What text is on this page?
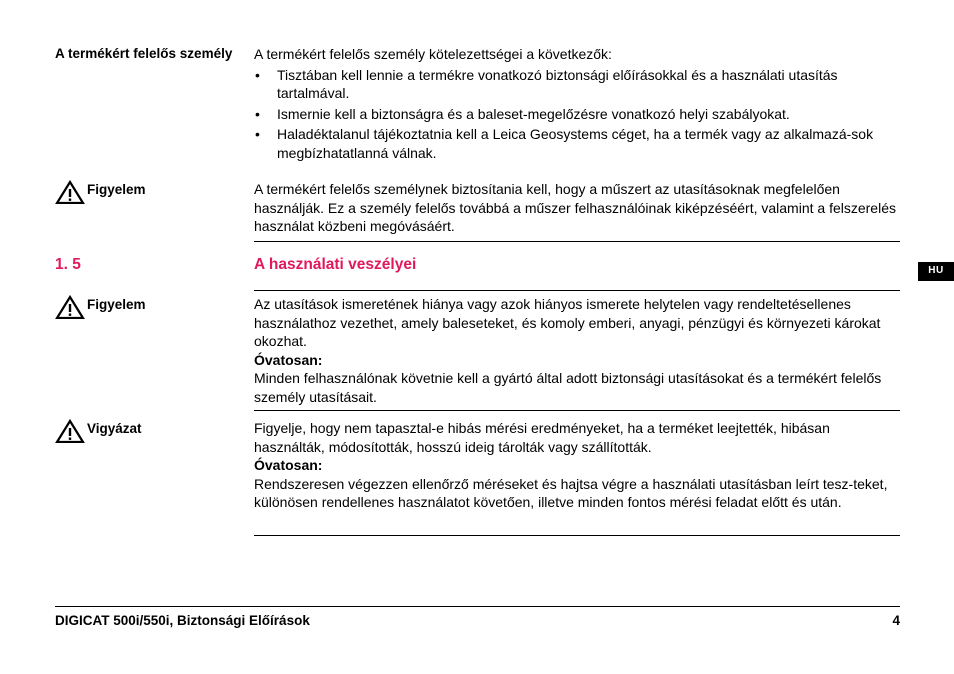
A termékért felelős személy	A termékért felelős személy kötelezettségei a következők:

• Tisztában kell lennie a termékre vonatkozó biztonsági előírásokkal és a használati utasítás tartalmával.
• Ismernie kell a biztonságra és a baleset-megelőzésre vonatkozó helyi szabályokat.
• Haladéktalanul tájékoztatnia kell a Leica Geosystems céget, ha a termék vagy az alkalmazá-sok megbízhatatlanná válnak.
Figyelem	A termékért felelős személynek biztosítania kell, hogy a műszert az utasításoknak megfelelően használják. Ez a személy felelős továbbá a műszer felhasználóinak kiképzéséért, valamint a felszerelés használat közbeni megóvásáért.

1. 5	A használati veszélyei	HU
Figyelem	Az utasítások ismeretének hiánya vagy azok hiányos ismerete helytelen vagy rendeltetésellenes használathoz vezethet, amely baleseteket, és komoly emberi, anyagi, pénzügyi és környezeti károkat okozhat.

Óvatosan:

Minden felhasználónak követnie kell a gyártó által adott biztonsági utasításokat és a termékért felelős személy utasításait.

Vigyázat	Figyelje, hogy nem tapasztal-e hibás mérési eredményeket, ha a terméket leejtették, hibásan használták, módosították, hosszú ideig tárolták vagy szállították.

Óvatosan:

Rendszeresen végezzen ellenőrző méréseket és hajtsa végre a használati utasításban leírt tesz-teket, különösen rendellenes használatot követően, illetve minden fontos mérési feladat előtt és után.

DIGICAT 500i/550i, Biztonsági Előírások	4
